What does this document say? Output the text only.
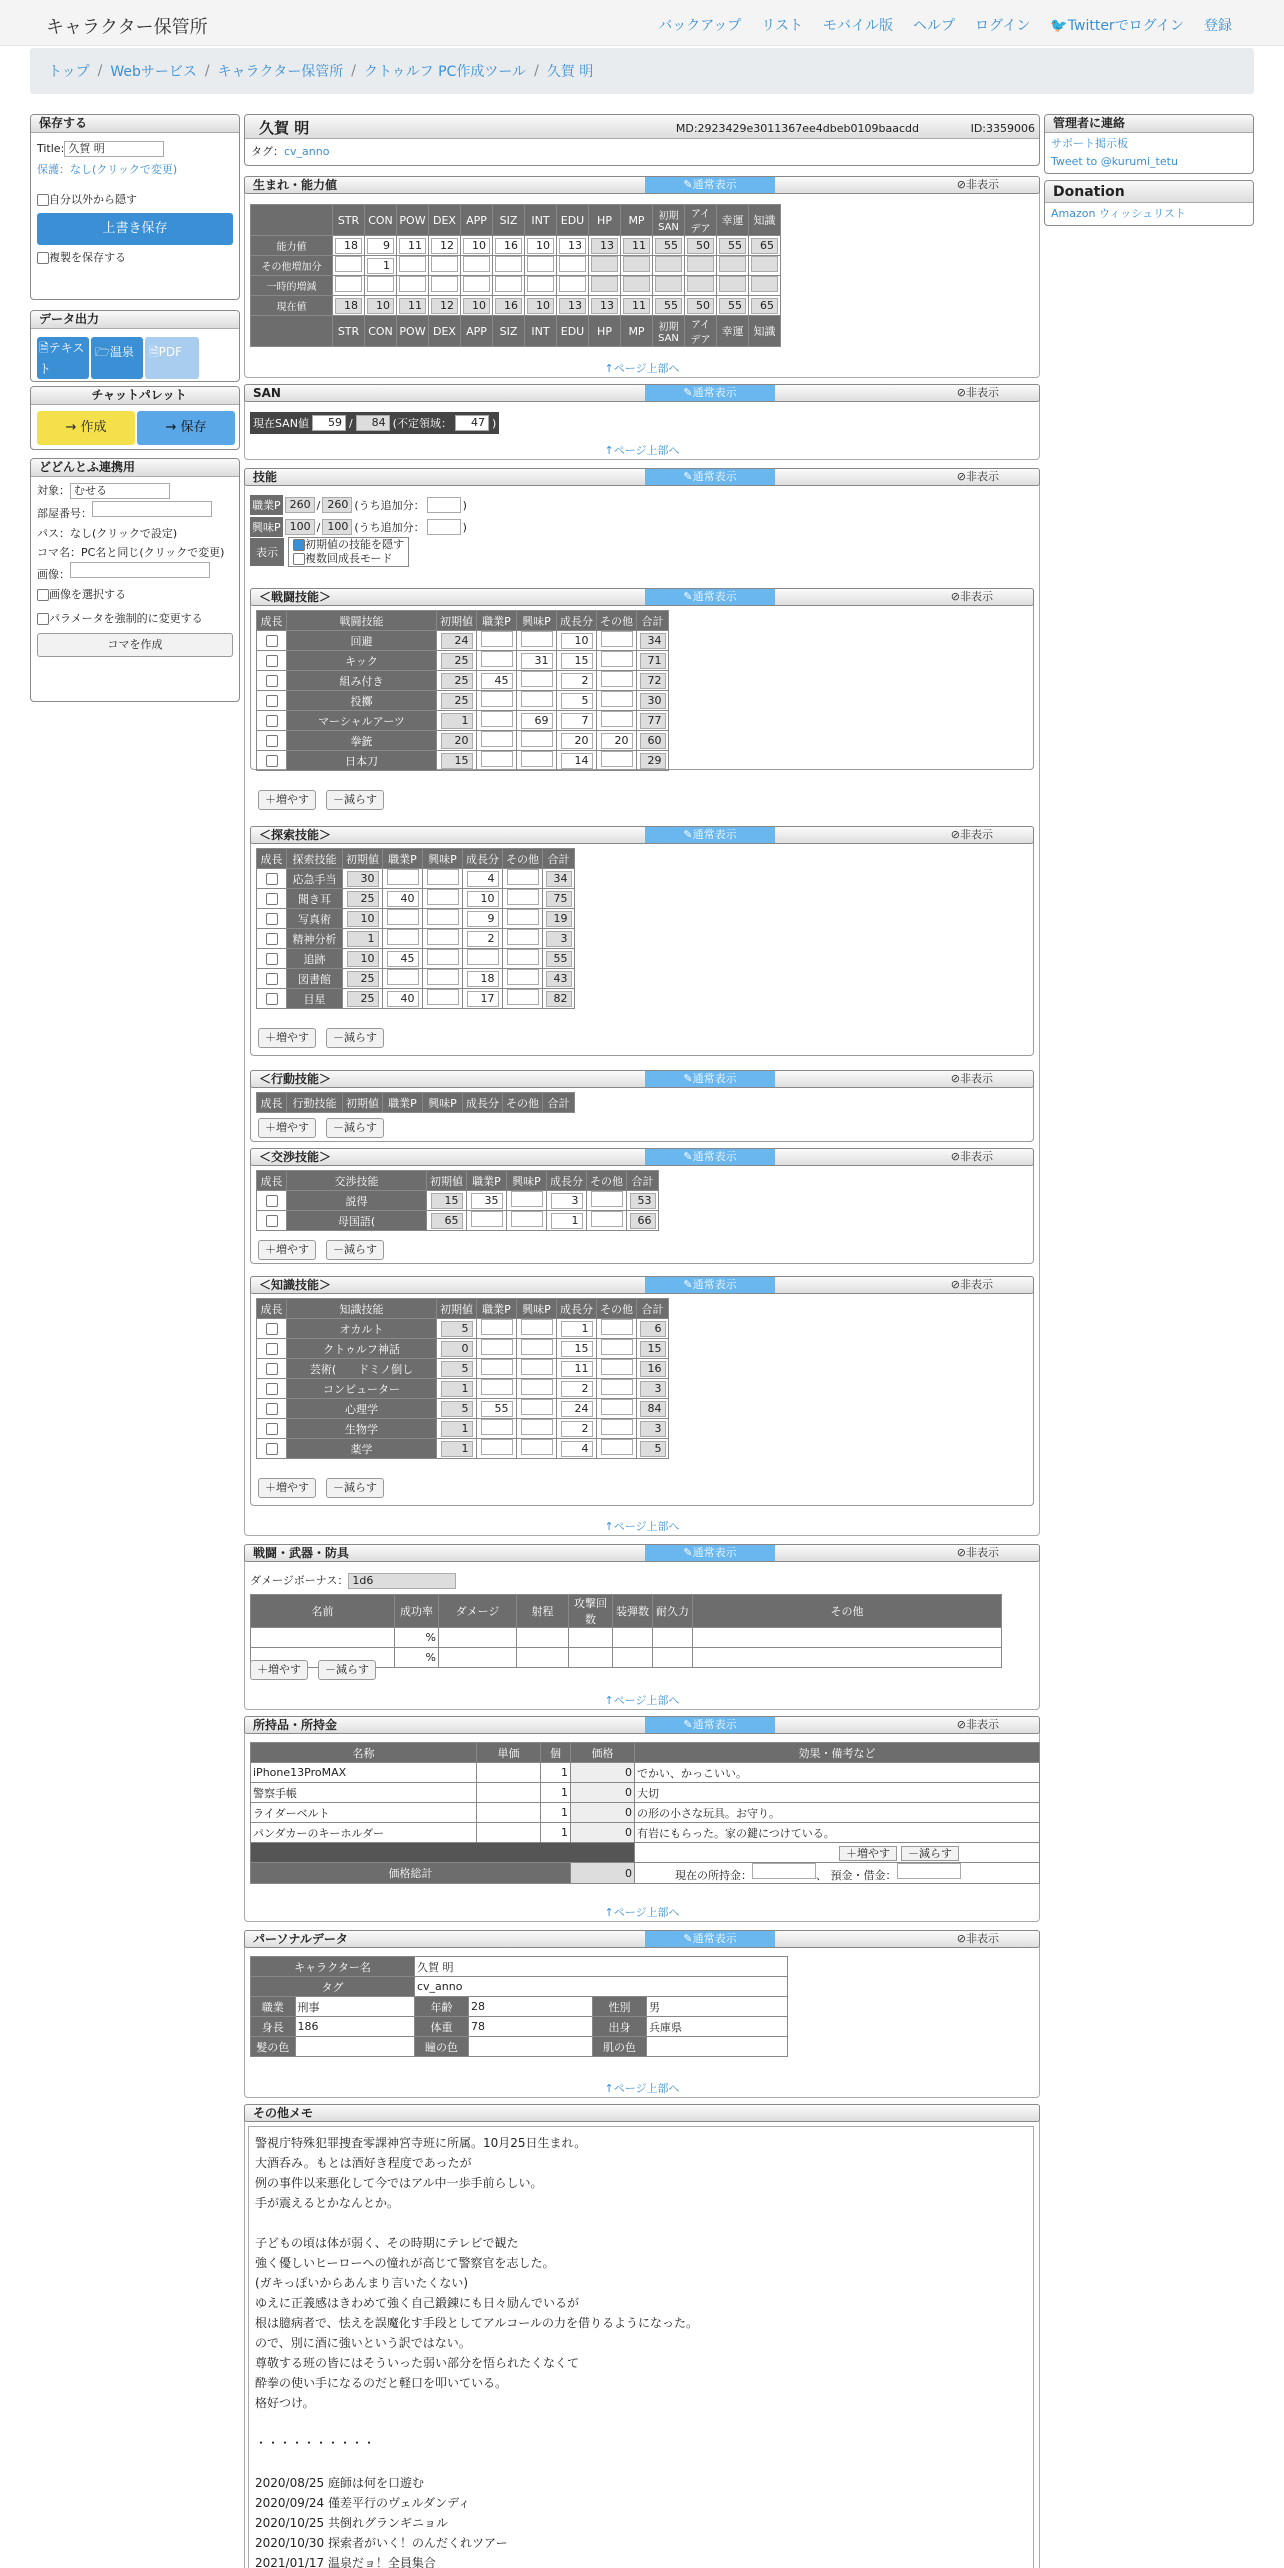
キャラクター保管所	バックアップ リスト モバイル版 ヘルプ ログイン 🐦Twitterでログイン 登録
トップ / Webサービス / キャラクター保管所 / クトゥルフ PC作成ツール / 久賀 明
保存する
Title: 久賀 明
保護：なし(クリックで変更)
自分以外から隠す
上書き保存
複製を保存する
データ出力
🗎テキスト
🗁温泉	🗎PDF
チャットパレット
→ 作成	→ 保存
どどんとふ連携用
対象： むせる
部屋番号：
パス：なし(クリックで設定)
コマ名：PC名と同じ(クリックで変更)
画像：
画像を選択する
パラメータを強制的に変更する
コマを作成
管理者に連絡
サポート掲示板
Tweet to @kurumi_tetu
Donation
Amazon ウィッシュリスト
久賀 明	MD:2923429e3011367ee4dbeb0109baacdd	ID:3359006
タグ：cv_anno
生まれ・能力値	✎通常表示	⊘非表示
	STR	CON	POW	DEX	APP	SIZ	INT	EDU	HP	MP	初期SAN	アイデア	幸運	知識
能力値	18	9	11	12	10	16	10	13	13	11	55	50	55	65
その他増加分		1												
一時的増減														
現在値	18	10	11	12	10	16	10	13	13	11	55	50	55	65
	STR	CON	POW	DEX	APP	SIZ	INT	EDU	HP	MP	初期SAN	アイデア	幸運	知識
↑ページ上部へ
SAN	✎通常表示	⊘非表示
現在SAN値	59 /	84 (不定領域：	47 )
↑ページ上部へ
技能	✎通常表示	⊘非表示
職業P 260 / 260 (うち追加分：	)
興味P 100 / 100 (うち追加分：	)
表示
初期値の技能を隠す
複数回成長モード
＜戦闘技能＞	✎通常表示	⊘非表示
成長	戦闘技能	初期値	職業P	興味P	成長分	その他	合計
	回避	24			10		34
	キック	25		31	15		71
	組み付き	25	45		2		72
	投擲	25			5		30
	マーシャルアーツ	1		69	7		77
	拳銃	20			20	20	60
	日本刀	15			14		29
＋増やす	－減らす
＜探索技能＞	✎通常表示	⊘非表示
成長	探索技能	初期値	職業P	興味P	成長分	その他	合計
	応急手当	30			4		34
	聞き耳	25	40		10		75
	写真術	10			9		19
	精神分析	1			2		3
	追跡	10	45				55
	図書館	25			18		43
	目星	25	40		17		82
＋増やす	－減らす
＜行動技能＞	✎通常表示	⊘非表示
成長	行動技能	初期値	職業P	興味P	成長分	その他	合計
＋増やす	－減らす
＜交渉技能＞	✎通常表示	⊘非表示
成長	交渉技能	初期値	職業P	興味P	成長分	その他	合計
	説得	15	35		3		53
	母国語(	65			1		66
＋増やす	－減らす
＜知識技能＞	✎通常表示	⊘非表示
成長	知識技能	初期値	職業P	興味P	成長分	その他	合計
	オカルト	5			1		6
	クトゥルフ神話	0			15		15
	芸術(　　ドミノ倒し	5			11		16
	コンピューター	1			2		3
	心理学	5	55		24		84
	生物学	1			2		3
	薬学	1			4		5
＋増やす	－減らす
↑ページ上部へ
戦闘・武器・防具	✎通常表示	⊘非表示
ダメージボーナス： 1d6
名前	成功率	ダメージ	射程	攻撃回数	装弾数	耐久力	その他
	%						
	%						
＋増やす	－減らす
↑ページ上部へ
所持品・所持金	✎通常表示	⊘非表示
名称	単価	個	価格	効果・備考など
iPhone13ProMAX		1	0	でかい、かっこいい。
警察手帳		1	0	大切
ライダーベルト		1	0	の形の小さな玩具。お守り。
パンダカーのキーホルダー		1	0	有岩にもらった。家の鍵につけている。
				＋増やす －減らす
価格総計			0	現在の所持金： 、 預金・借金：
↑ページ上部へ
パーソナルデータ	✎通常表示	⊘非表示
キャラクター名		久賀 明			
タグ		cv_anno			
職業	刑事	年齢	28	性別	男
身長	186	体重	78	出身	兵庫県
髪の色		瞳の色		肌の色	
↑ページ上部へ
その他メモ
警視庁特殊犯罪捜査零課神宮寺班に所属。10月25日生まれ。
大酒呑み。もとは酒好き程度であったが
例の事件以来悪化して今ではアル中一歩手前らしい。
手が震えるとかなんとか。

子どもの頃は体が弱く、その時期にテレビで観た
強く優しいヒーローへの憧れが高じて警察官を志した。
(ガキっぽいからあんまり言いたくない)
ゆえに正義感はきわめて強く自己鍛錬にも日々励んでいるが
根は臆病者で、怯えを誤魔化す手段としてアルコールの力を借りるようになった。
ので、別に酒に強いという訳ではない。
尊敬する班の皆にはそういった弱い部分を悟られたくなくて
酔拳の使い手になるのだと軽口を叩いている。
格好つけ。

・・・・・・・・・・

2020/08/25 庭師は何を口遊む
2020/09/24 僅差平行のヴェルダンディ
2020/10/25 共倒れグランギニョル
2020/10/30 探索者がいく！のんだくれツアー
2021/01/17 温泉だョ！全員集合
